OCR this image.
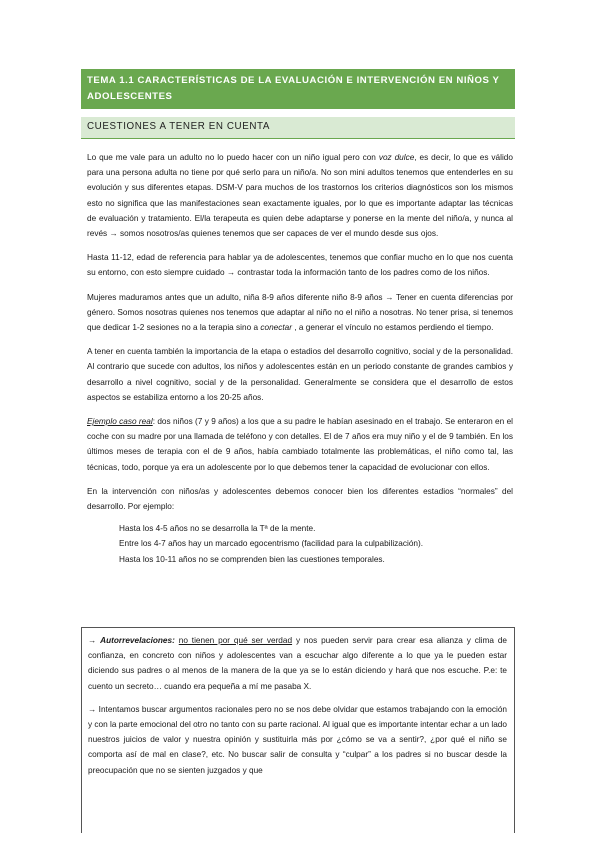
TEMA 1.1 CARACTERÍSTICAS DE LA EVALUACIÓN E INTERVENCIÓN EN NIÑOS Y ADOLESCENTES
CUESTIONES A TENER EN CUENTA

Lo que me vale para un adulto no lo puedo hacer con un niño igual pero con voz dulce, es decir, lo que es válido para una persona adulta no tiene por qué serlo para un niño/a. No son mini adultos tenemos que entenderles en su evolución y sus diferentes etapas. DSM-V para muchos de los trastornos los criterios diagnósticos son los mismos esto no significa que las manifestaciones sean exactamente iguales, por lo que es importante adaptar las técnicas de evaluación y tratamiento. El/la terapeuta es quien debe adaptarse y ponerse en la mente del niño/a, y nunca al revés → somos nosotros/as quienes tenemos que ser capaces de ver el mundo desde sus ojos.

Hasta 11-12, edad de referencia para hablar ya de adolescentes, tenemos que confiar mucho en lo que nos cuenta su entorno, con esto siempre cuidado → contrastar toda la información tanto de los padres como de los niños.

Mujeres maduramos antes que un adulto, niña 8-9 años diferente niño 8-9 años → Tener en cuenta diferencias por género. Somos nosotras quienes nos tenemos que adaptar al niño no el niño a nosotras. No tener prisa, si tenemos que dedicar 1-2 sesiones no a la terapia sino a conectar , a generar el vínculo no estamos perdiendo el tiempo.

A tener en cuenta también la importancia de la etapa o estadios del desarrollo cognitivo, social y de la personalidad. Al contrario que sucede con adultos, los niños y adolescentes están en un periodo constante de grandes cambios y desarrollo a nivel cognitivo, social y de la personalidad. Generalmente se considera que el desarrollo de estos aspectos se estabiliza entorno a los 20-25 años.

Ejemplo caso real: dos niños (7 y 9 años) a los que a su padre le habían asesinado en el trabajo. Se enteraron en el coche con su madre por una llamada de teléfono y con detalles. El de 7 años era muy niño y el de 9 también. En los últimos meses de terapia con el de 9 años, había cambiado totalmente las problemáticas, el niño como tal, las técnicas, todo, porque ya era un adolescente por lo que debemos tener la capacidad de evolucionar con ellos.

En la intervención con niños/as y adolescentes debemos conocer bien los diferentes estadios “normales” del desarrollo. Por ejemplo:

Hasta los 4-5 años no se desarrolla la Tª de la mente.
Entre los 4-7 años hay un marcado egocentrismo (facilidad para la culpabilización).
Hasta los 10-11 años no se comprenden bien las cuestiones temporales.

→ Autorrevelaciones: no tienen por qué ser verdad y nos pueden servir para crear esa alianza y clima de confianza, en concreto con niños y adolescentes van a escuchar algo diferente a lo que ya le pueden estar diciendo sus padres o al menos de la manera de la que ya se lo están diciendo y hará que nos escuche. P.e: te cuento un secreto… cuando era pequeña a mí me pasaba X.

→ Intentamos buscar argumentos racionales pero no se nos debe olvidar que estamos trabajando con la emoción y con la parte emocional del otro no tanto con su parte racional. Al igual que es importante intentar echar a un lado nuestros juicios de valor y nuestra opinión y sustituirla más por ¿cómo se va a sentir?, ¿por qué el niño se comporta así de mal en clase?, etc. No buscar salir de consulta y “culpar” a los padres si no buscar desde la preocupación que no se sienten juzgados y que
